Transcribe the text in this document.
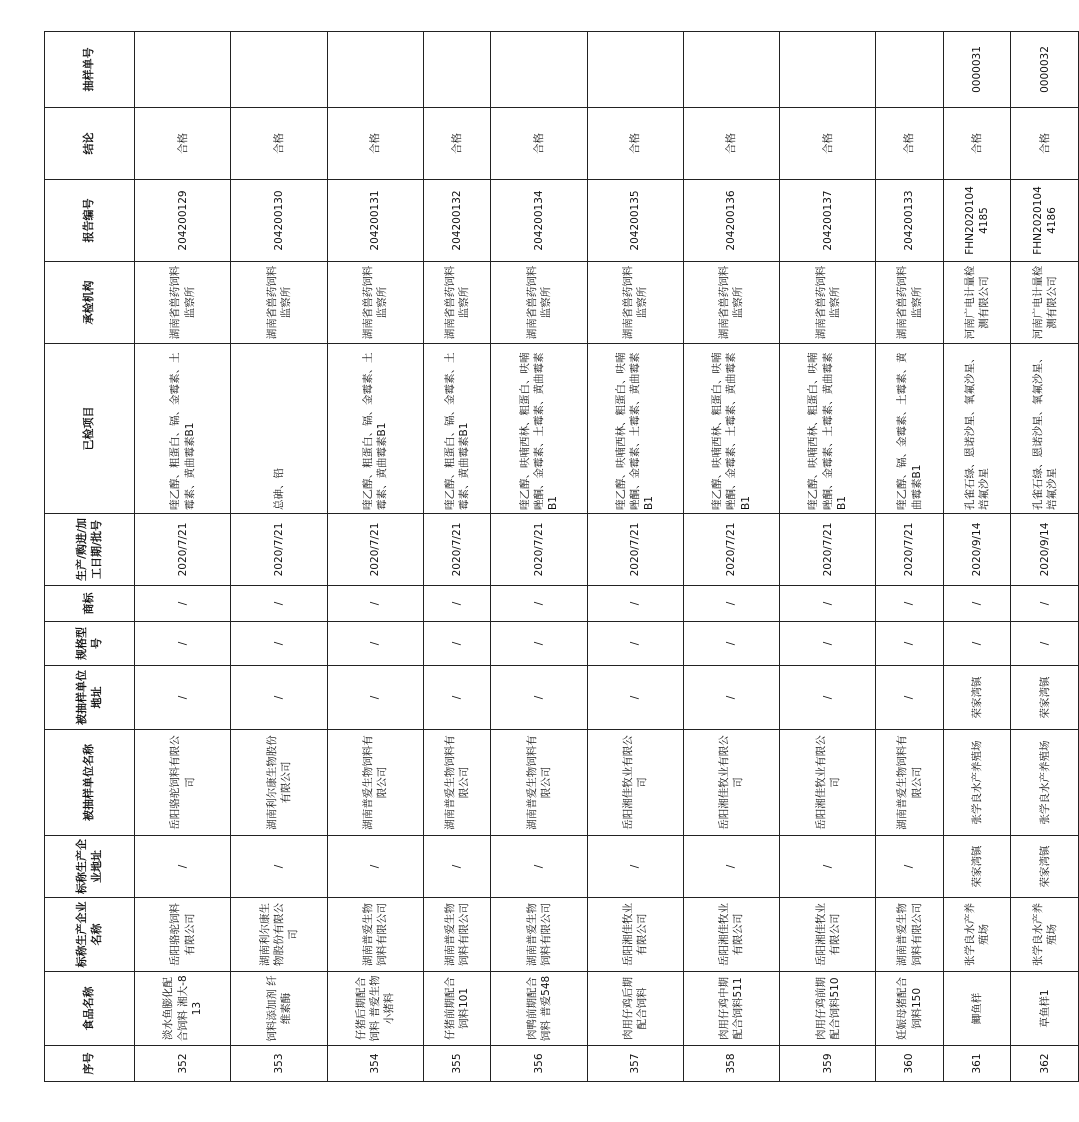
序号	食品名称	标称生产企业名称	标称生产企业地址	被抽样单位名称	被抽样单位地址	规格型号	商标	生产/购进/加工日期/批号	已检项目	承检机构	报告编号	结论	抽样单号
352	淡水鱼膨化配合饲料 湘大-813	岳阳骆驼饲料有限公司	/	岳阳骆驼饲料有限公司	/	/	/	2020/7/21	喹乙醇、粗蛋白、镉、金霉素、土霉素、黄曲霉素B1	湖南省兽药饲料监察所	204200129	合格	
353	饲料添加剂 纤维素酶	湖南利尔康生物股份有限公司	/	湖南利尔康生物股份有限公司	/	/	/	2020/7/21	总砷、铅	湖南省兽药饲料监察所	204200130	合格	
354	仔猪后期配合饲料 普爱生物小猪料	湖南普爱生物饲料有限公司	/	湖南普爱生物饲料有限公司	/	/	/	2020/7/21	喹乙醇、粗蛋白、镉、金霉素、土霉素、黄曲霉素B1	湖南省兽药饲料监察所	204200131	合格	
355	仔猪前期配合饲料101	湖南普爱生物饲料有限公司	/	湖南普爱生物饲料有限公司	/	/	/	2020/7/21	喹乙醇、粗蛋白、镉、金霉素、土霉素、黄曲霉素B1	湖南省兽药饲料监察所	204200132	合格	
356	肉鸭前期配合饲料 普爱548	湖南普爱生物饲料有限公司	/	湖南普爱生物饲料有限公司	/	/	/	2020/7/21	喹乙醇、呋喃西林、粗蛋白、呋喃唑酮、金霉素、土霉素、黄曲霉素B1	湖南省兽药饲料监察所	204200134	合格	
357	肉用仔鸡后期配合饲料	岳阳湘佳牧业有限公司	/	岳阳湘佳牧业有限公司	/	/	/	2020/7/21	喹乙醇、呋喃西林、粗蛋白、呋喃唑酮、金霉素、土霉素、黄曲霉素B1	湖南省兽药饲料监察所	204200135	合格	
358	肉用仔鸡中期配合饲料511	岳阳湘佳牧业有限公司	/	岳阳湘佳牧业有限公司	/	/	/	2020/7/21	喹乙醇、呋喃西林、粗蛋白、呋喃唑酮、金霉素、土霉素、黄曲霉素B1	湖南省兽药饲料监察所	204200136	合格	
359	肉用仔鸡前期配合饲料510	岳阳湘佳牧业有限公司	/	岳阳湘佳牧业有限公司	/	/	/	2020/7/21	喹乙醇、呋喃西林、粗蛋白、呋喃唑酮、金霉素、土霉素、黄曲霉素B1	湖南省兽药饲料监察所	204200137	合格	
360	妊娠母猪配合饲料150	湖南普爱生物饲料有限公司	/	湖南普爱生物饲料有限公司	/	/	/	2020/7/21	喹乙醇、镉、金霉素、土霉素、黄曲霉素B1	湖南省兽药饲料监察所	204200133	合格	
361	鲫鱼样	张学良水产养殖场	荣家湾镇	张学良水产养殖场	荣家湾镇	/	/	2020/9/14	孔雀石绿、恩诺沙星、氧氟沙星、培氟沙星	河南广电计量检测有限公司	FHN20201044185	合格	0000031
362	草鱼样1	张学良水产养殖场	荣家湾镇	张学良水产养殖场	荣家湾镇	/	/	2020/9/14	孔雀石绿、恩诺沙星、氧氟沙星、培氟沙星	河南广电计量检测有限公司	FHN20201044186	合格	0000032
